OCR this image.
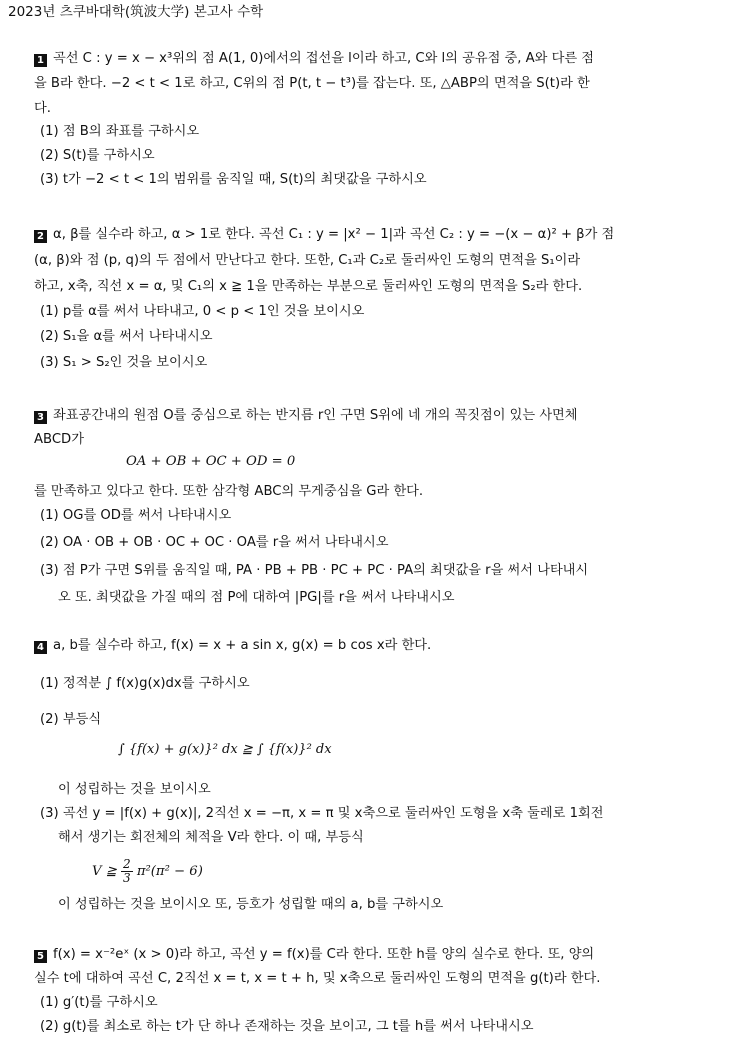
2023년 츠쿠바대학(筑波大学) 본고사 수학
1 곡선 C : y = x − x³위의 점 A(1, 0)에서의 접선을 l이라 하고, C와 l의 공유점 중, A와 다른 점
을 B라 한다. −2 < t < 1로 하고, C위의 점 P(t, t − t³)를 잡는다. 또, △ABP의 면적을 S(t)라 한
다.
(1) 점 B의 좌표를 구하시오
(2) S(t)를 구하시오
(3) t가 −2 < t < 1의 범위를 움직일 때, S(t)의 최댓값을 구하시오
2 α, β를 실수라 하고, α > 1로 한다. 곡선 C₁ : y = |x² − 1|과 곡선 C₂ : y = −(x − α)² + β가 점
(α, β)와 점 (p, q)의 두 점에서 만난다고 한다. 또한, C₁과 C₂로 둘러싸인 도형의 면적을 S₁이라
하고, x축, 직선 x = α, 및 C₁의 x ≧ 1을 만족하는 부분으로 둘러싸인 도형의 면적을 S₂라 한다.
(1) p를 α를 써서 나타내고, 0 < p < 1인 것을 보이시오
(2) S₁을 α를 써서 나타내시오
(3) S₁ > S₂인 것을 보이시오
3 좌표공간내의 원점 O를 중심으로 하는 반지름 r인 구면 S위에 네 개의 꼭짓점이 있는 사면체
ABCD가
OA + OB + OC + OD = 0
를 만족하고 있다고 한다. 또한 삼각형 ABC의 무게중심을 G라 한다.
(1) OG를 OD를 써서 나타내시오
(2) OA · OB + OB · OC + OC · OA를 r을 써서 나타내시오
(3) 점 P가 구면 S위를 움직일 때, PA · PB + PB · PC + PC · PA의 최댓값을 r을 써서 나타내시
오 또. 최댓값을 가질 때의 점 P에 대하여 |PG|를 r을 써서 나타내시오
4 a, b를 실수라 하고, f(x) = x + a sin x, g(x) = b cos x라 한다.
(1) 정적분 ∫ f(x)g(x)dx를 구하시오
(2) 부등식
∫ {f(x) + g(x)}² dx ≧ ∫ {f(x)}² dx
이 성립하는 것을 보이시오
(3) 곡선 y = |f(x) + g(x)|, 2직선 x = −π, x = π 및 x축으로 둘러싸인 도형을 x축 둘레로 1회전
해서 생기는 회전체의 체적을 V라 한다. 이 때, 부등식
V ≧ $\frac{2}{3} \pi^2(\pi^2 - 6)$
이 성립하는 것을 보이시오 또, 등호가 성립할 때의 a, b를 구하시오
5 f(x) = x⁻²eˣ (x > 0)라 하고, 곡선 y = f(x)를 C라 한다. 또한 h를 양의 실수로 한다. 또, 양의
실수 t에 대하여 곡선 C, 2직선 x = t, x = t + h, 및 x축으로 둘러싸인 도형의 면적을 g(t)라 한다.
(1) g′(t)를 구하시오
(2) g(t)를 최소로 하는 t가 단 하나 존재하는 것을 보이고, 그 t를 h를 써서 나타내시오
